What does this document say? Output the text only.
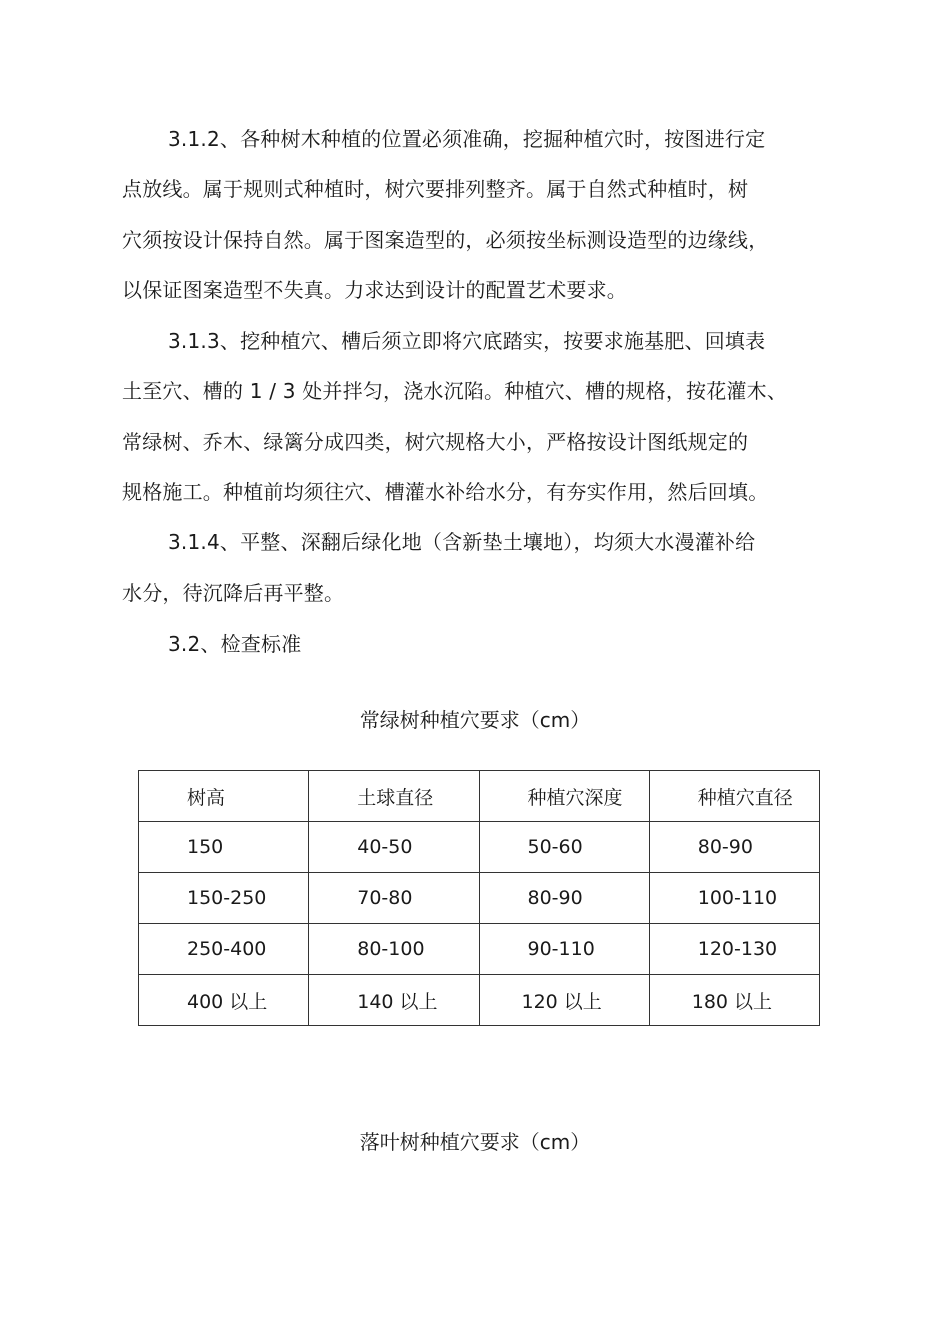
3.1.2、各种树木种植的位置必须准确，挖掘种植穴时，按图进行定
点放线。属于规则式种植时，树穴要排列整齐。属于自然式种植时，树
穴须按设计保持自然。属于图案造型的，必须按坐标测设造型的边缘线，
以保证图案造型不失真。力求达到设计的配置艺术要求。
3.1.3、挖种植穴、槽后须立即将穴底踏实，按要求施基肥、回填表
土至穴、槽的 1 / 3 处并拌匀，浇水沉陷。种植穴、槽的规格，按花灌木、
常绿树、乔木、绿篱分成四类，树穴规格大小，严格按设计图纸规定的
规格施工。种植前均须往穴、槽灌水补给水分，有夯实作用，然后回填。
3.1.4、平整、深翻后绿化地（含新垫土壤地），均须大水漫灌补给
水分，待沉降后再平整。
3.2、检查标准
常绿树种植穴要求（cm）
树高	土球直径	种植穴深度	种植穴直径
150	40-50	50-60	80-90
150-250	70-80	80-90	100-110
250-400	80-100	90-110	120-130
400 以上	140 以上	120 以上	180 以上
落叶树种植穴要求（cm）
